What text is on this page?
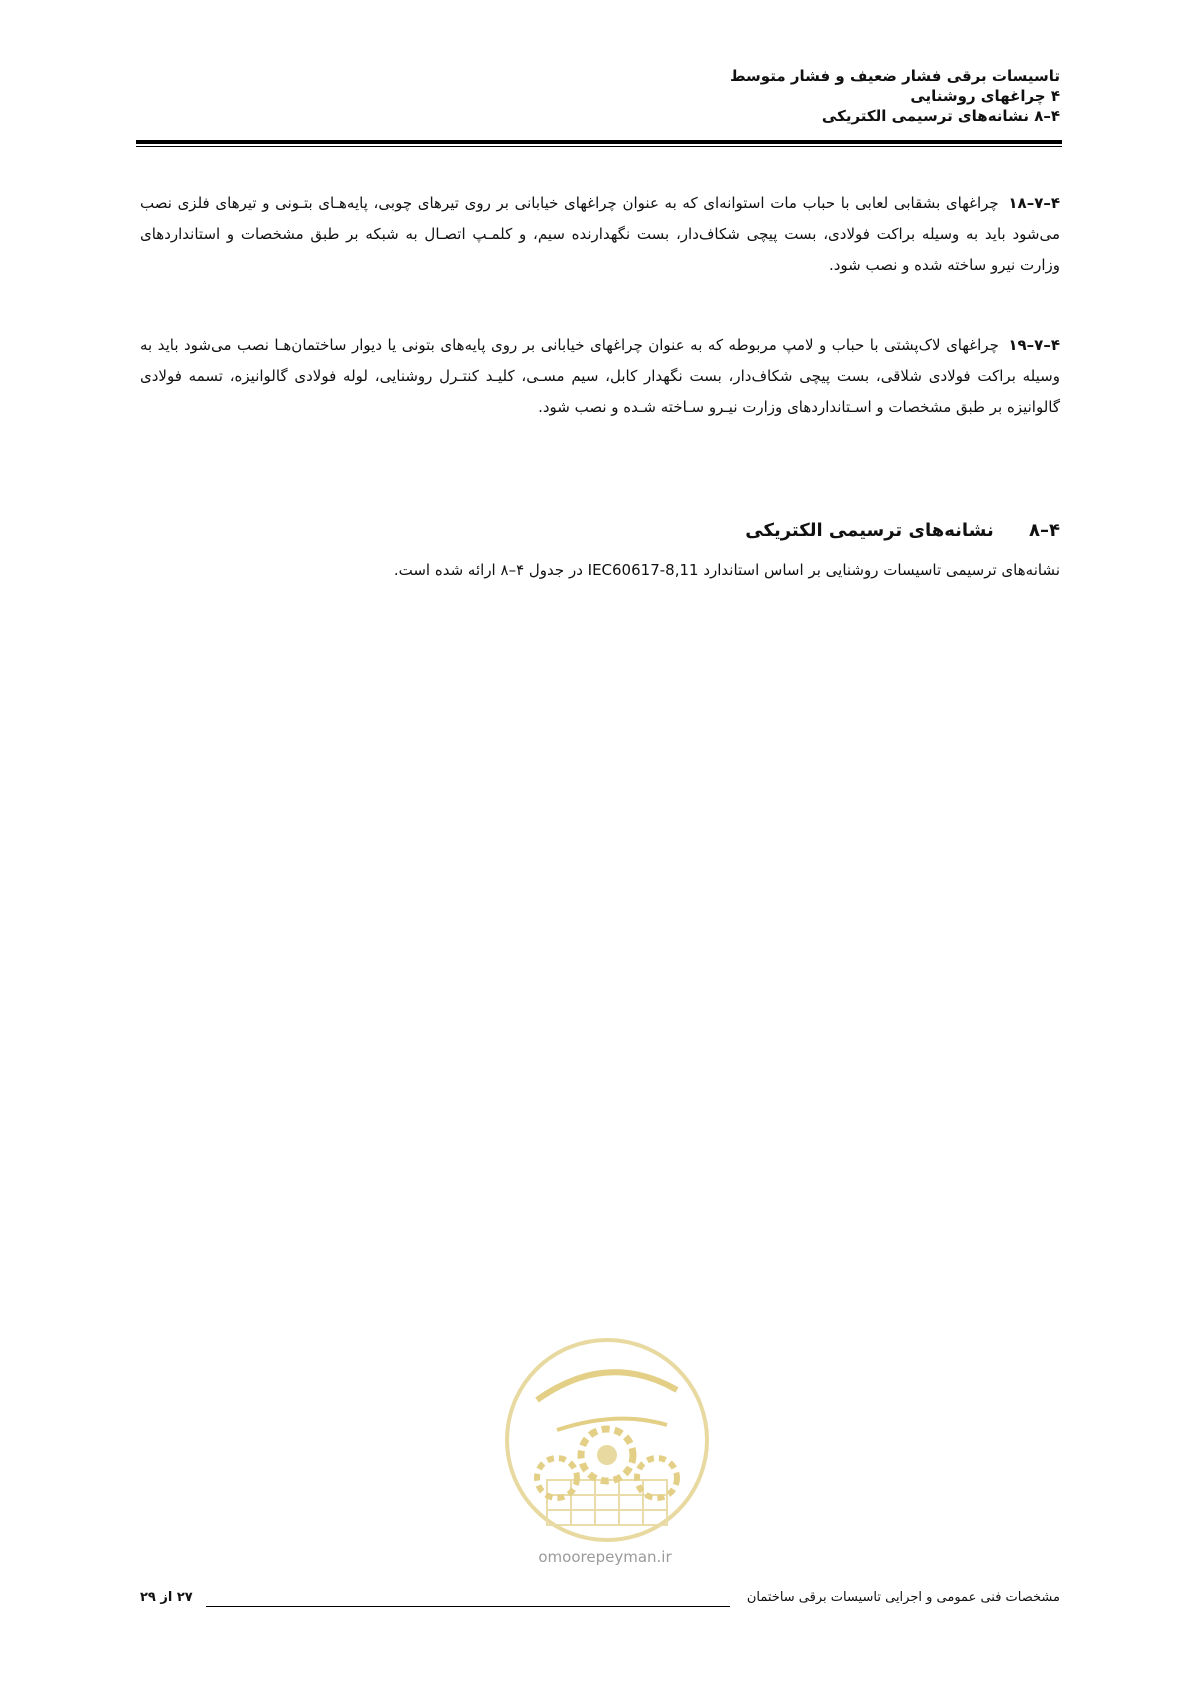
تاسیسات برقی فشار ضعیف و فشار متوسط
۴ چراغهای روشنایی
۴–۸ نشانه‌های ترسیمی الکتریکی
۴–۷–۱۸ چراغهای بشقابی لعابی با حباب مات استوانه‌ای که به عنوان چراغهای خیابانی بر روی تیرهای چوبی، پایه‌هـای بتـونی و تیرهای فلزی نصب می‌شود باید به وسیله براکت فولادی، بست پیچی شکاف‌دار، بست نگهدارنده سیم، و کلمـپ اتصـال به شبکه بر طبق مشخصات و استانداردهای وزارت نیرو ساخته شده و نصب شود.
۴–۷–۱۹ چراغهای لاک‌پشتی با حباب و لامپ مربوطه که به عنوان چراغهای خیابانی بر روی پایه‌های بتونی یا دیوار ساختمان‌هـا نصب می‌شود باید به وسیله براکت فولادی شلاقی، بست پیچی شکاف‌دار، بست نگهدار کابل، سیم مسـی، کلیـد کنتـرل روشنایی، لوله فولادی گالوانیزه، تسمه فولادی گالوانیزه بر طبق مشخصات و اسـتانداردهای وزارت نیـرو سـاخته شـده و نصب شود.
۴–۸ نشانه‌های ترسیمی الکتریکی
نشانه‌های ترسیمی تاسیسات روشنایی بر اساس استاندارد IEC60617-8,11 در جدول ۴–۸ ارائه شده است.
omoorepeyman.ir
مشخصات فنی عمومی و اجرایی تاسیسات برقی ساختمان
۲۷ از ۲۹
